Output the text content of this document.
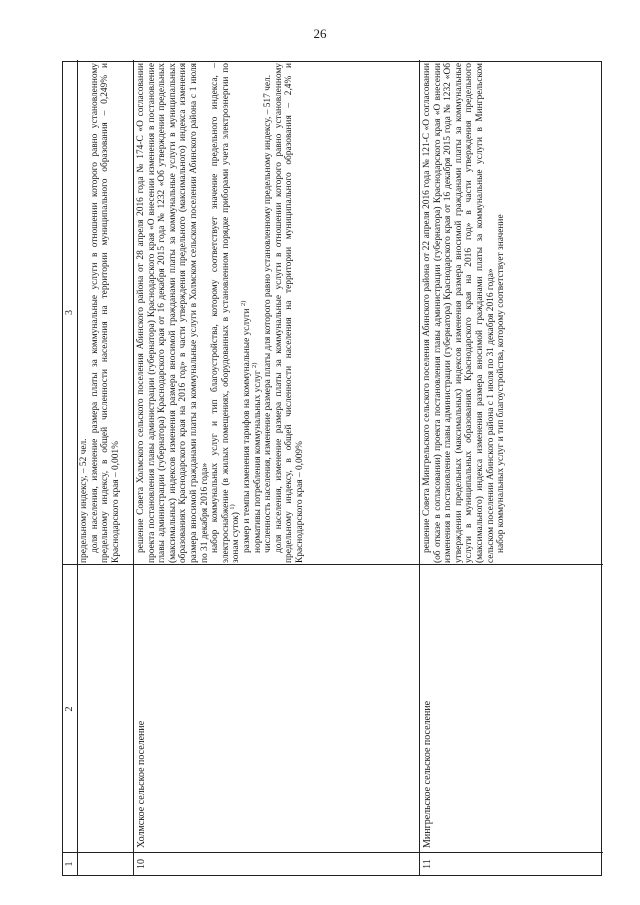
26
1
2
3

предельному индексу, – 52 чел. доля населения, изменение размера платы за коммунальные услуги в отношении которого равно установленному предельному индексу, в общей численности населения на территории муниципального образования – 0,249% и Краснодарского края – 0,001%

10
Холмское сельское поселение

решение Совета Холмского сельского поселения Абинского района от 28 апреля 2016 года № 174-С «О согласовании проекта постановления главы администрации (губернатора) Краснодарского края «О внесении изменения в постановление главы администрации (губернатора) Краснодарского края от 16 декабря 2015 года № 1232 «Об утверждении предельных (максимальных) индексов изменения размера вносимой гражданами платы за коммунальные услуги в муниципальных образованиях Краснодарского края на 2016 год» в части утверждения предельного (максимального) индекса изменения размера вносимой гражданами платы за коммунальные услуги в Холмском сельском поселении Абинского района с 1 июля по 31 декабря 2016 года» набор коммунальных услуг и тип благоустройства, которому соответствует значение предельного индекса, – электроснабжение (в жилых помещениях, оборудованных в установленном порядке приборами учета электроэнергии по зонам суток) $^{1)}$ размер и темпы изменения тарифов на коммунальные услуги $^{2)}$

нормативы потребления коммунальных услуг $^{2)}$ численность населения, изменение размера платы для которого равно установленному предельному индексу, – 517 чел. доля населения, изменение размера платы за коммунальные услуги в отношении которого равно установленному предельному индексу, в общей численности населения на территории муниципального образования – 2,4% и Краснодарского края – 0,009%

11
Мингрельское сельское поселение

решение Совета Мингрельского сельского поселения Абинского района от 22 апреля 2016 года № 121-С «О согласовании (об отказе в согласовании) проекта постановления главы администрации (губернатора) Краснодарского края «О внесении изменения в постановление главы администрации (губернатора) Краснодарского края от 16 декабря 2015 года № 1232 «Об утверждении предельных (максимальных) индексов изменения размера вносимой гражданами платы за коммунальные услуги в муниципальных образованиях Краснодарского края на 2016 год» в части утверждения предельного (максимального) индекса изменения размера вносимой гражданами платы за коммунальные услуги в Мингрельском сельском поселении Абинского района с 1 июля по 31 декабря 2016 года» набор коммунальных услуг и тип благоустройства, которому соответствует значение
